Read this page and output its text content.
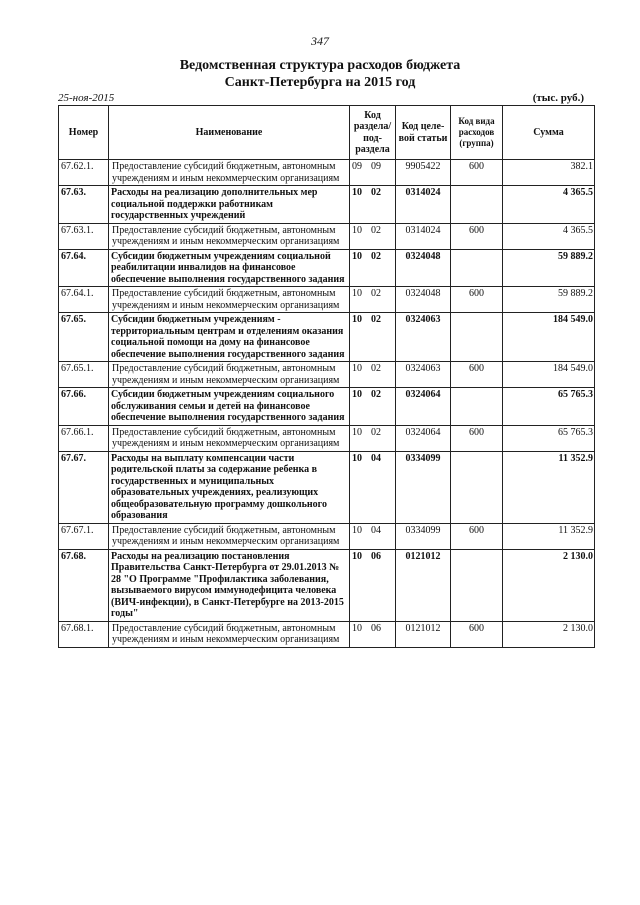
347
Ведомственная структура расходов бюджета
Санкт-Петербурга на 2015 год
25-ноя-2015	(тыс. руб.)
Номер	Наименование	Код раздела/ под-раздела	Код целе-вой статьи	Код вида расходов (группа)	Сумма
67.62.1.	Предоставление субсидий бюджетным, автономным учреждениям и иным некоммерческим организациям	09 09	9905422	600	382.1
67.63.	Расходы на реализацию дополнительных мер социальной поддержки работникам государственных учреждений	10 02	0314024		4 365.5
67.63.1.	Предоставление субсидий бюджетным, автономным учреждениям и иным некоммерческим организациям	10 02	0314024	600	4 365.5
67.64.	Субсидии бюджетным учреждениям социальной реабилитации инвалидов на финансовое обеспечение выполнения государственного задания	10 02	0324048		59 889.2
67.64.1.	Предоставление субсидий бюджетным, автономным учреждениям и иным некоммерческим организациям	10 02	0324048	600	59 889.2
67.65.	Субсидии бюджетным учреждениям - территориальным центрам и отделениям оказания социальной помощи на дому на финансовое обеспечение выполнения государственного задания	10 02	0324063		184 549.0
67.65.1.	Предоставление субсидий бюджетным, автономным учреждениям и иным некоммерческим организациям	10 02	0324063	600	184 549.0
67.66.	Субсидии бюджетным учреждениям социального обслуживания семьи и детей на финансовое обеспечение выполнения государственного задания	10 02	0324064		65 765.3
67.66.1.	Предоставление субсидий бюджетным, автономным учреждениям и иным некоммерческим организациям	10 02	0324064	600	65 765.3
67.67.	Расходы на выплату компенсации части родительской платы за содержание ребенка в государственных и муниципальных образовательных учреждениях, реализующих общеобразовательную программу дошкольного образования	10 04	0334099		11 352.9
67.67.1.	Предоставление субсидий бюджетным, автономным учреждениям и иным некоммерческим организациям	10 04	0334099	600	11 352.9
67.68.	Расходы на реализацию постановления Правительства Санкт-Петербурга от 29.01.2013 № 28 "О Программе "Профилактика заболевания, вызываемого вирусом иммунодефицита человека (ВИЧ-инфекции), в Санкт-Петербурге на 2013-2015 годы"	10 06	0121012		2 130.0
67.68.1.	Предоставление субсидий бюджетным, автономным учреждениям и иным некоммерческим организациям	10 06	0121012	600	2 130.0
